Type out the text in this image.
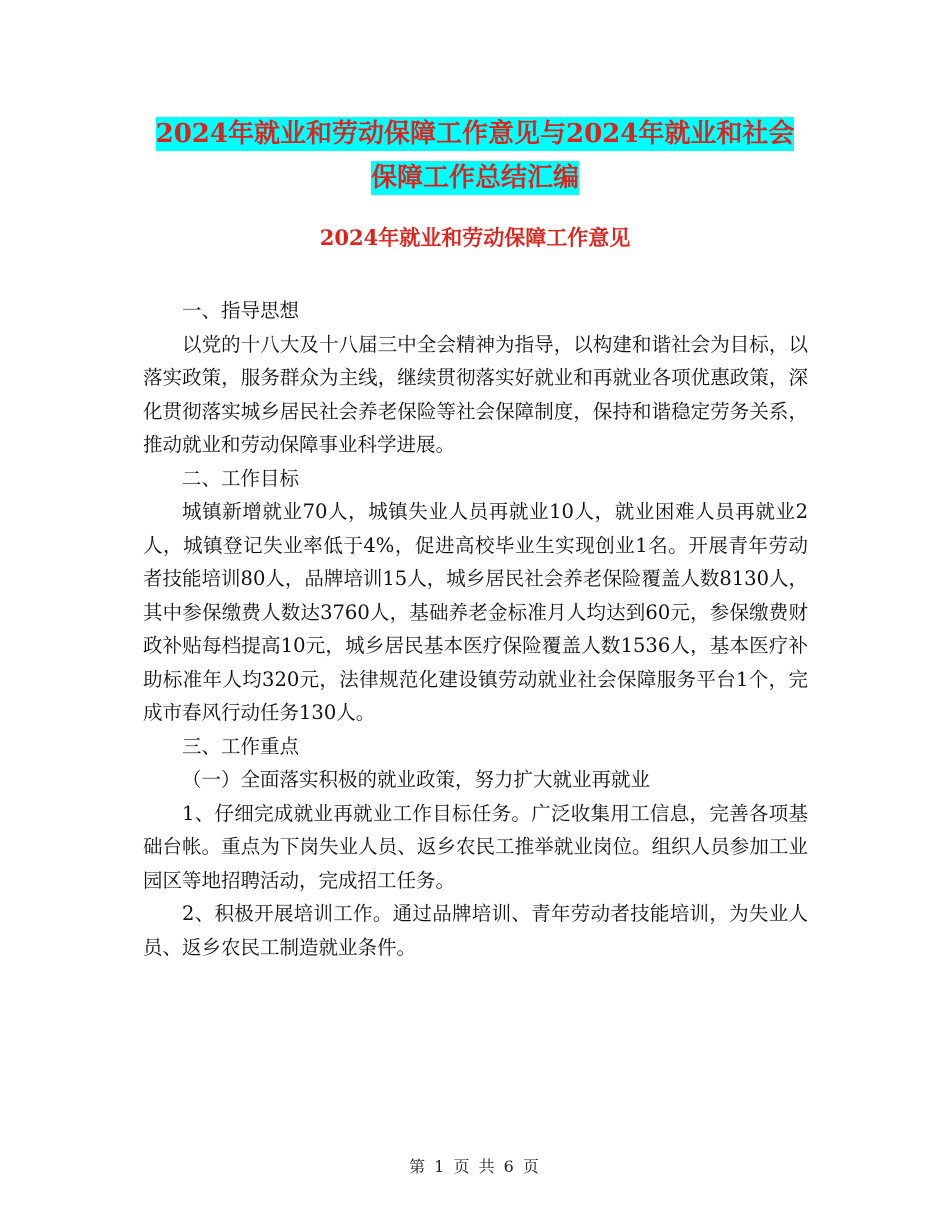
2024年就业和劳动保障工作意见与2024年就业和社会
保障工作总结汇编
2024年就业和劳动保障工作意见

一、指导思想

以党的十八大及十八届三中全会精神为指导，以构建和谐社会为目标，以落实政策，服务群众为主线，继续贯彻落实好就业和再就业各项优惠政策，深化贯彻落实城乡居民社会养老保险等社会保障制度，保持和谐稳定劳务关系，推动就业和劳动保障事业科学进展。

二、工作目标

城镇新增就业70人，城镇失业人员再就业10人，就业困难人员再就业2人，城镇登记失业率低于4%，促进高校毕业生实现创业1名。开展青年劳动者技能培训80人，品牌培训15人，城乡居民社会养老保险覆盖人数8130人，其中参保缴费人数达3760人，基础养老金标准月人均达到60元，参保缴费财政补贴每档提高10元，城乡居民基本医疗保险覆盖人数1536人，基本医疗补助标准年人均320元，法律规范化建设镇劳动就业社会保障服务平台1个，完成市春风行动任务130人。

三、工作重点

（一）全面落实积极的就业政策，努力扩大就业再就业

1、仔细完成就业再就业工作目标任务。广泛收集用工信息，完善各项基础台帐。重点为下岗失业人员、返乡农民工推举就业岗位。组织人员参加工业园区等地招聘活动，完成招工任务。

2、积极开展培训工作。通过品牌培训、青年劳动者技能培训，为失业人员、返乡农民工制造就业条件。

第 1 页 共 6 页
